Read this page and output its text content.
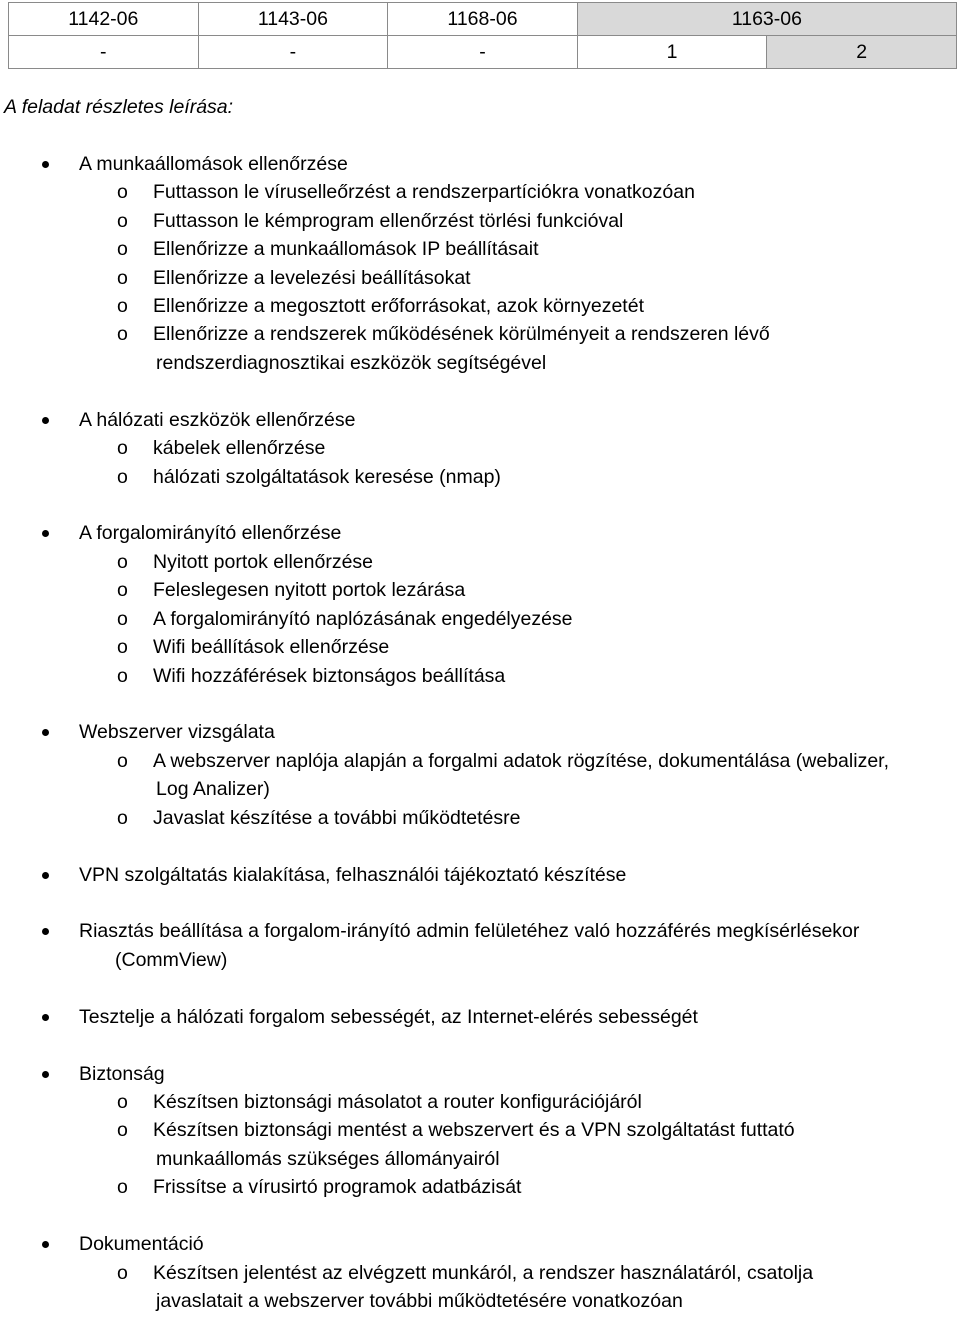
1142-06	1143-06	1168-06	1163-06	
-	-	-	1	2
A feladat részletes leírása:
A munkaállomások ellenőrzése
o Futtasson le víruselleőrzést a rendszerpartíciókra vonatkozóan
o Futtasson le kémprogram ellenőrzést törlési funkcióval
o Ellenőrizze a munkaállomások IP beállításait
o Ellenőrizze a levelezési beállításokat
o Ellenőrizze a megosztott erőforrásokat, azok környezetét
o Ellenőrizze a rendszerek működésének körülményeit a rendszeren lévő
rendszerdiagnosztikai eszközök segítségével
A hálózati eszközök ellenőrzése
o kábelek ellenőrzése
o hálózati szolgáltatások keresése (nmap)
A forgalomirányító ellenőrzése
o Nyitott portok ellenőrzése
o Feleslegesen nyitott portok lezárása
o A forgalomirányító naplózásának engedélyezése
o Wifi beállítások ellenőrzése
o Wifi hozzáférések biztonságos beállítása
Webszerver vizsgálata
o A webszerver naplója alapján a forgalmi adatok rögzítése, dokumentálása (webalizer,
Log Analizer)
o Javaslat készítése a további működtetésre
VPN szolgáltatás kialakítása, felhasználói tájékoztató készítése
Riasztás beállítása a forgalom-irányító admin felületéhez való hozzáférés megkísérlésekor
(CommView)
Tesztelje a hálózati forgalom sebességét, az Internet-elérés sebességét
Biztonság
o Készítsen biztonsági másolatot a router konfigurációjáról
o Készítsen biztonsági mentést a webszervert és a VPN szolgáltatást futtató
munkaállomás szükséges állományairól
o Frissítse a vírusirtó programok adatbázisát
Dokumentáció
o Készítsen jelentést az elvégzett munkáról, a rendszer használatáról, csatolja
javaslatait a webszerver további működtetésére vonatkozóan
